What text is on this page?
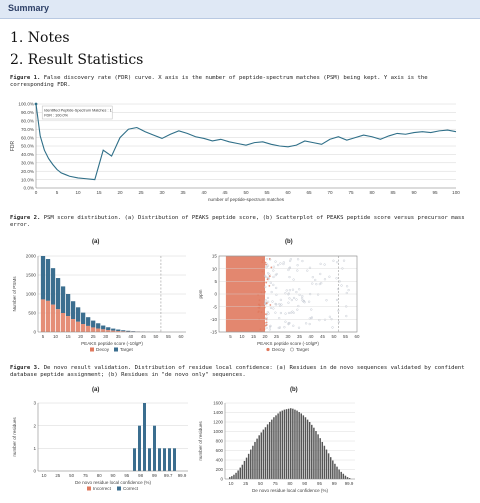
Summary
1. Notes
2. Result Statistics
Figure 1. False discovery rate (FDR) curve. X axis is the number of peptide-spectrum matches (PSM) being kept. Y axis is the corresponding FDR.
0.0%
10.0%
20.0%
30.0%
40.0%
50.0%
60.0%
70.0%
80.0%
90.0%
100.0%
0	5	10	15	20	25	30	35	40	45	50	55	60	65	70	75	80	85	90	95	100
number of peptide-spectrum matches
FDR
Identified Peptide-Spectrum Matches : 1
FDR : 100.0%
Figure 2. PSM score distribution. (a) Distribution of PEAKS peptide score, (b) Scatterplot of PEAKS peptide score versus precursor mass error.
(a)	(b)
0
500
1000
1500
2000
5 10 15 20 25 30 35 40 45 50 55 60
PEAKS peptide score (-10lgP)
Number of PSMs
Decoy Target
-15
-10
-5
0
5
10
15
5 10 15 20 25 30 35 40 45 50 55 60
PEAKS peptide score (-10lgP)
ppm
Decoy Target
Figure 3. De novo result validation. Distribution of residue local confidence: (a) Residues in de novo sequences validated by confident database peptide assignment; (b) Residues in "de novo only" sequences.
(a)	(b)
0
1
2
3
10 25 50 75 80 90 95 98 99 99.7 99.9
De novo residue local confidence (%)
number of residues
Incorrect	Correct
0
200
400
600
800
1000
1200
1400
1600
10 25 50 75 80 90 95 99 99.9
De novo residue local confidence (%)
number of residues
